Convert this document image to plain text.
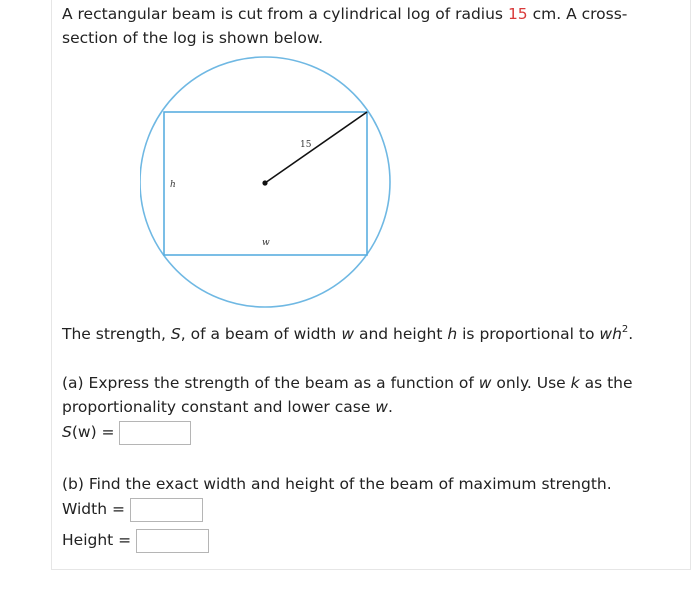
A rectangular beam is cut from a cylindrical log of radius 15 cm. A cross-
section of the log is shown below.
15
h
w
The strength, S, of a beam of width w and height h is proportional to $wh^2$.
(a) Express the strength of the beam as a function of w only. Use k as the
proportionality constant and lower case w.
S(w) =
(b) Find the exact width and height of the beam of maximum strength.
Width =
Height =
